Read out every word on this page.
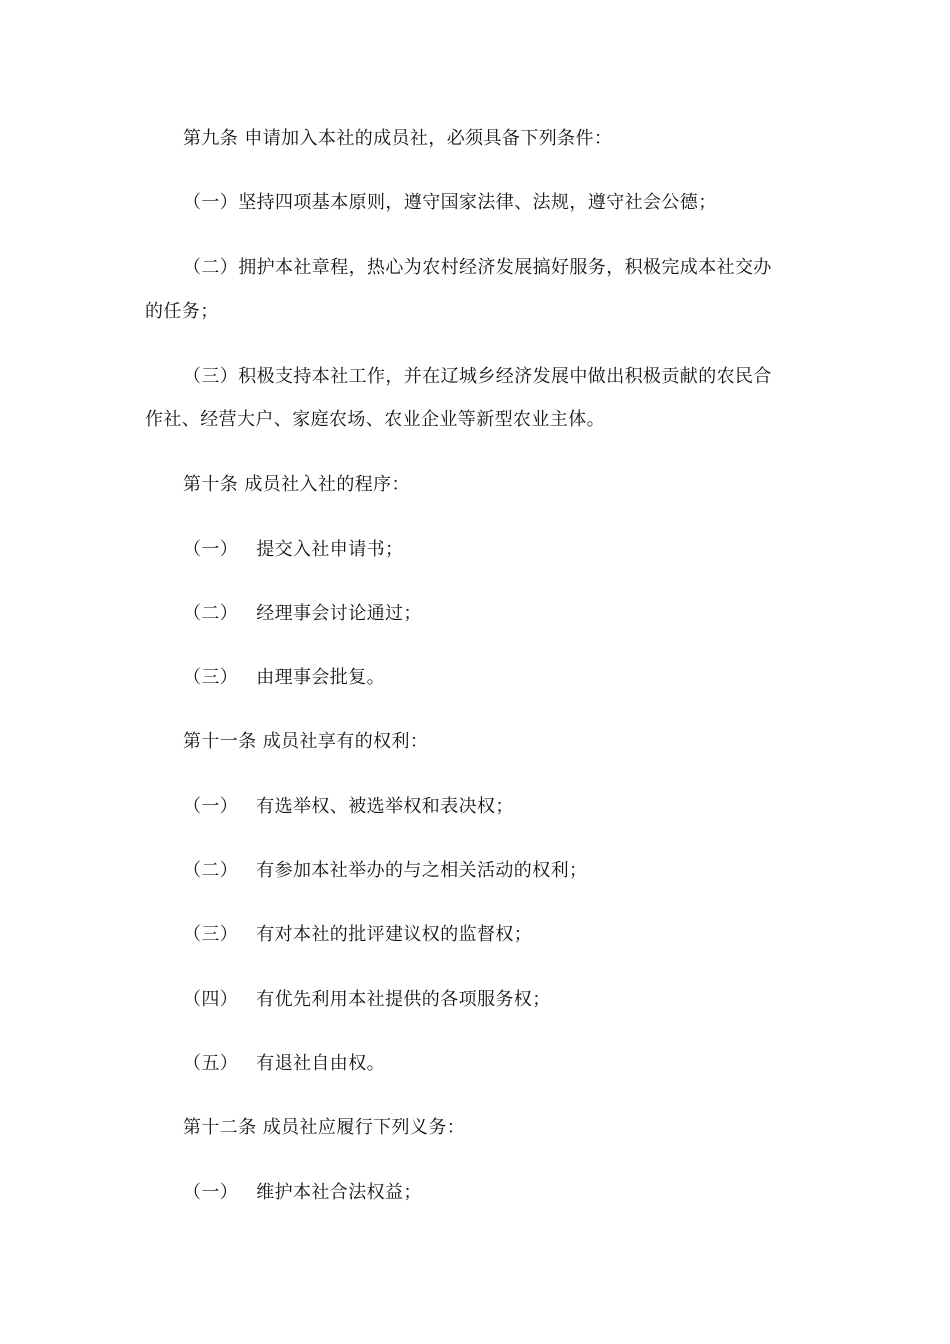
第九条 申请加入本社的成员社，必须具备下列条件：
（一）坚持四项基本原则，遵守国家法律、法规，遵守社会公德；
（二）拥护本社章程，热心为农村经济发展搞好服务，积极完成本社交办
的任务；
（三）积极支持本社工作，并在辽城乡经济发展中做出积极贡献的农民合
作社、经营大户、家庭农场、农业企业等新型农业主体。
第十条 成员社入社的程序：
（一） 提交入社申请书；
（二） 经理事会讨论通过；
（三） 由理事会批复。
第十一条 成员社享有的权利：
（一） 有选举权、被选举权和表决权；
（二） 有参加本社举办的与之相关活动的权利；
（三） 有对本社的批评建议权的监督权；
（四） 有优先利用本社提供的各项服务权；
（五） 有退社自由权。
第十二条 成员社应履行下列义务：
（一） 维护本社合法权益；
